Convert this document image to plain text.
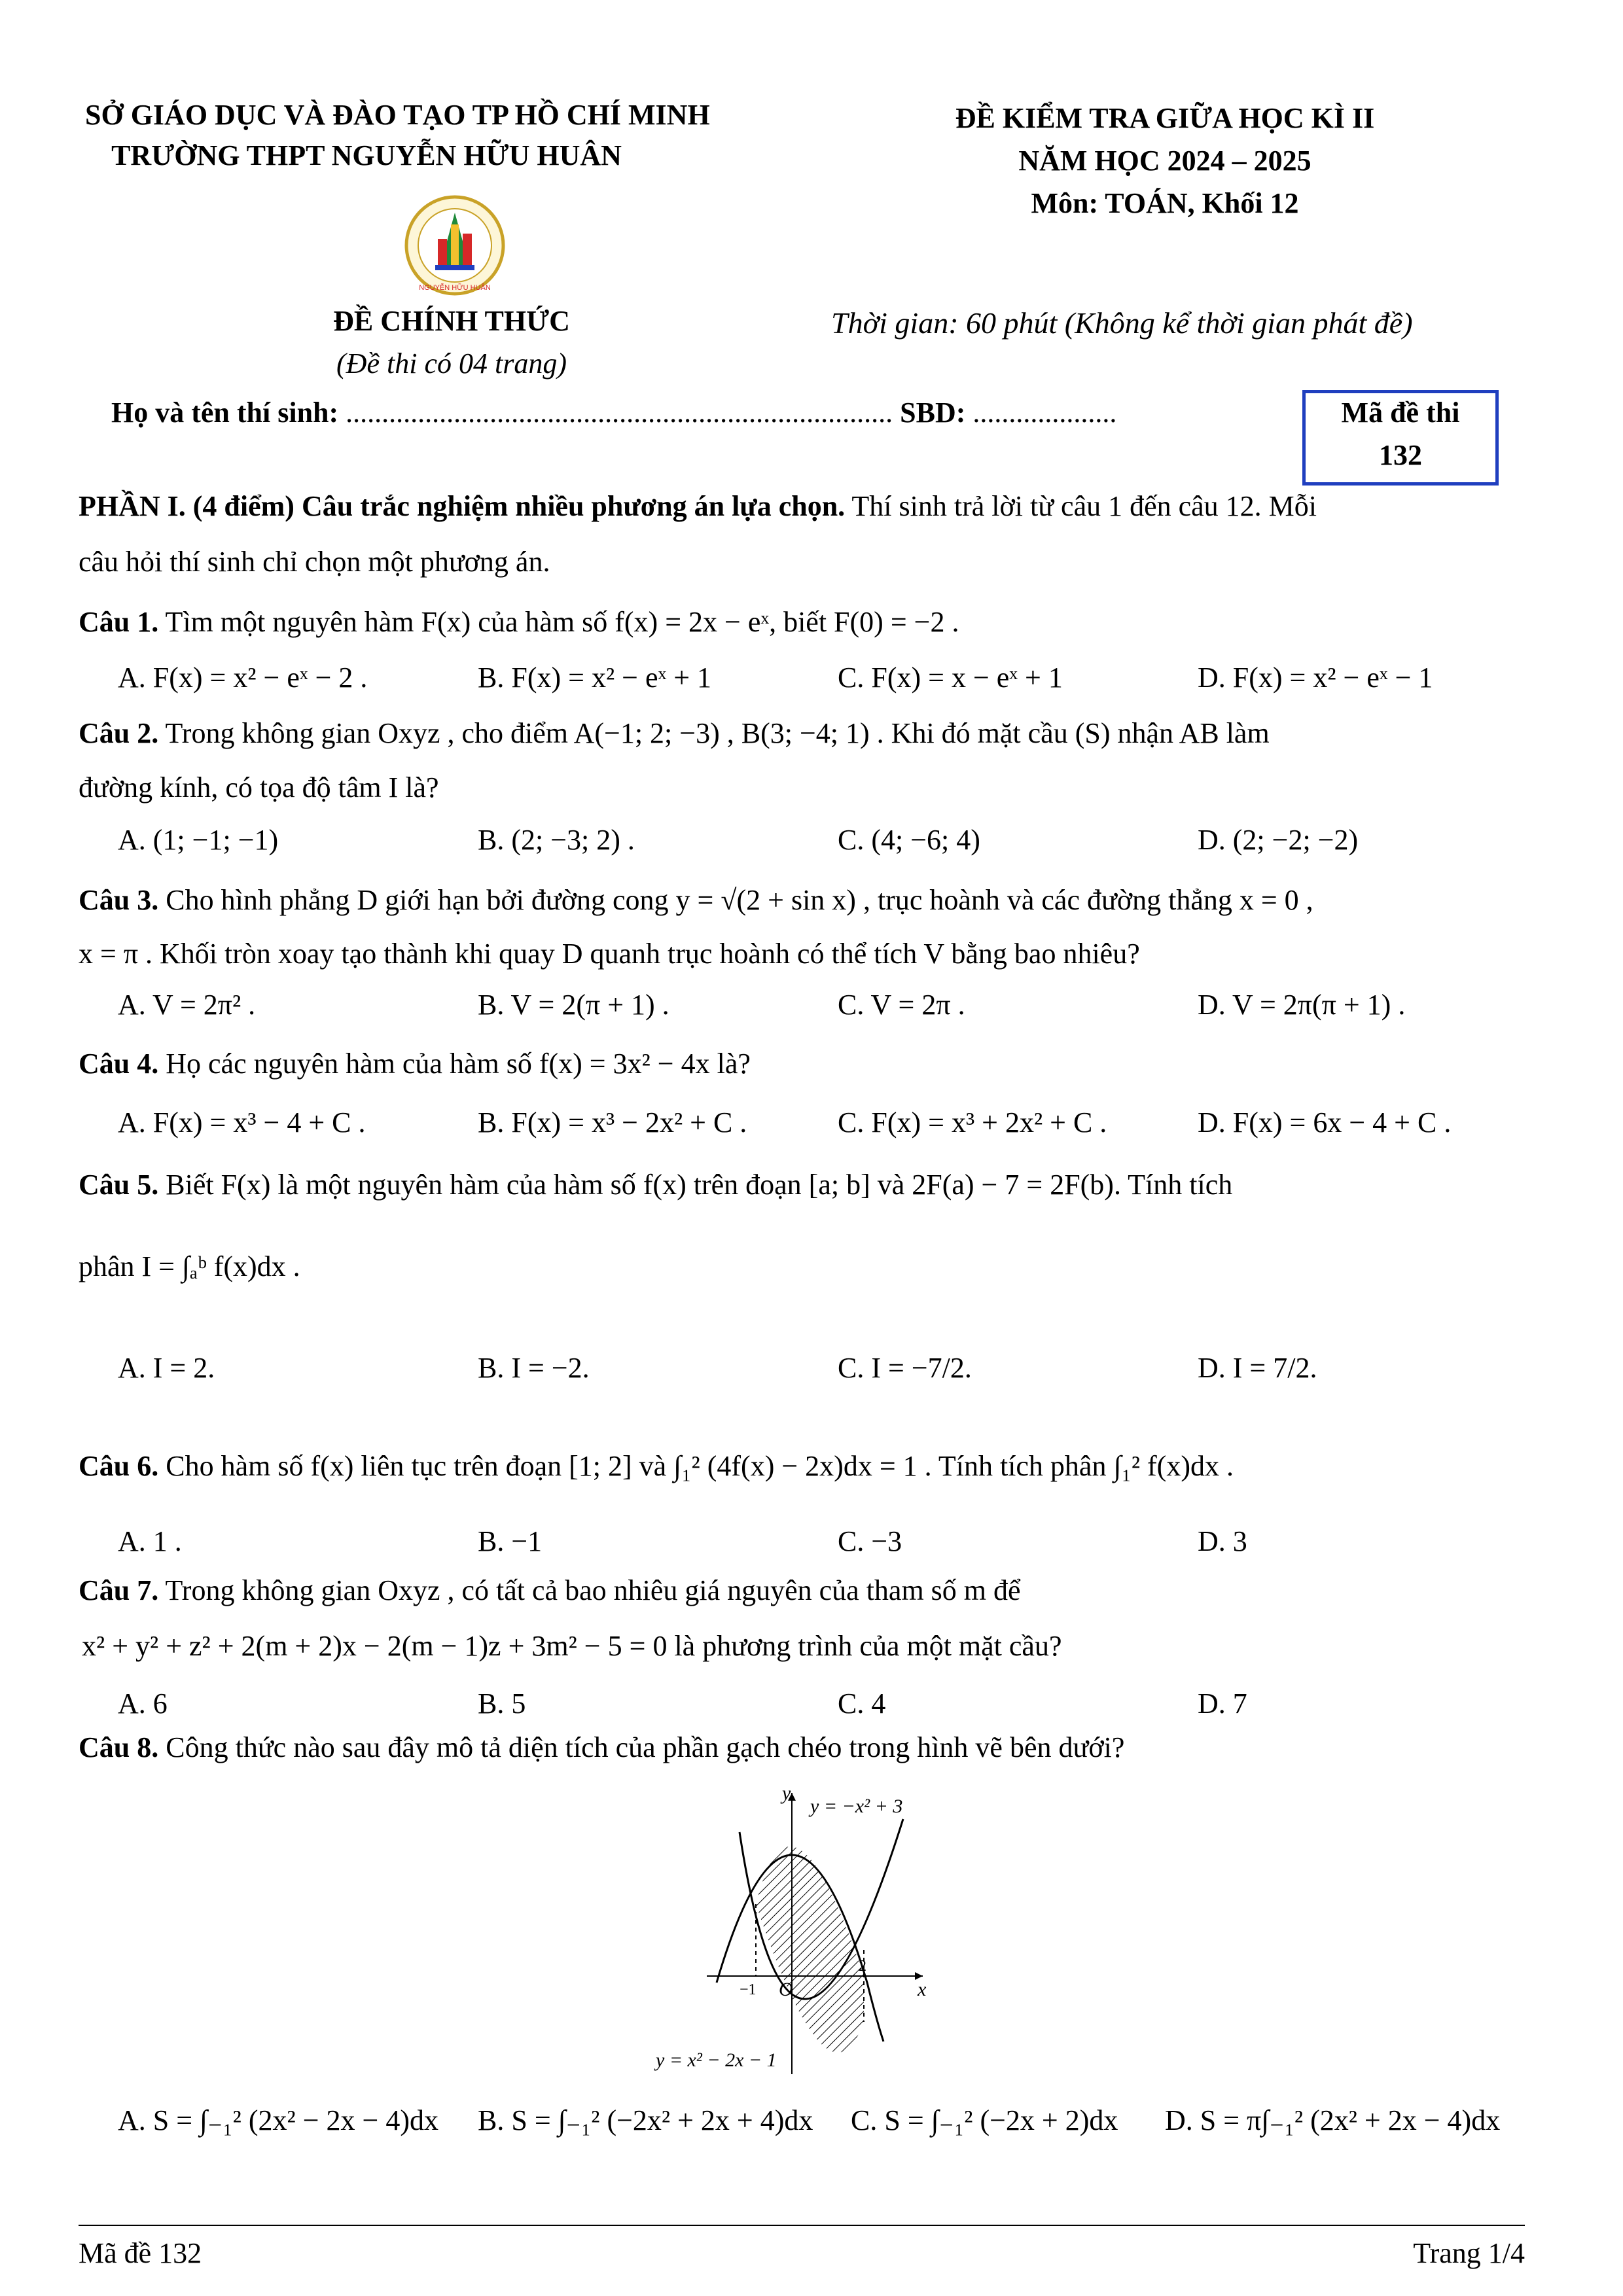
SỞ GIÁO DỤC VÀ ĐÀO TẠO TP HỒ CHÍ MINH
TRƯỜNG THPT NGUYỄN HỮU HUÂN
ĐỀ KIỂM TRA GIỮA HỌC KÌ II
NĂM HỌC 2024 – 2025
Môn: TOÁN, Khối 12
NGUYỄN HỮU HUÂN
ĐỀ CHÍNH THỨC
(Đề thi có 04 trang)
Thời gian: 60 phút (Không kể thời gian phát đề)
Họ và tên thí sinh: ............................................................................ SBD: ....................	Mã đề thi
132
PHẦN I. (4 điểm) Câu trắc nghiệm nhiều phương án lựa chọn. Thí sinh trả lời từ câu 1 đến câu 12. Mỗi
câu hỏi thí sinh chỉ chọn một phương án.
Câu 1. Tìm một nguyên hàm F(x) của hàm số f(x) = 2x − eˣ, biết F(0) = −2 .
A. F(x) = x² − eˣ − 2 .	B. F(x) = x² − eˣ + 1	C. F(x) = x − eˣ + 1	D. F(x) = x² − eˣ − 1
Câu 2. Trong không gian Oxyz , cho điểm A(−1; 2; −3) , B(3; −4; 1) . Khi đó mặt cầu (S) nhận AB làm
đường kính, có tọa độ tâm I là?
A. (1; −1; −1)	B. (2; −3; 2) .	C. (4; −6; 4)	D. (2; −2; −2)
Câu 3. Cho hình phẳng D giới hạn bởi đường cong y = √(2 + sin x) , trục hoành và các đường thẳng x = 0 ,
x = π . Khối tròn xoay tạo thành khi quay D quanh trục hoành có thể tích V bằng bao nhiêu?
A. V = 2π² .	B. V = 2(π + 1) .	C. V = 2π .	D. V = 2π(π + 1) .
Câu 4. Họ các nguyên hàm của hàm số f(x) = 3x² − 4x là?
A. F(x) = x³ − 4 + C .	B. F(x) = x³ − 2x² + C .	C. F(x) = x³ + 2x² + C .	D. F(x) = 6x − 4 + C .
Câu 5. Biết F(x) là một nguyên hàm của hàm số f(x) trên đoạn [a; b] và 2F(a) − 7 = 2F(b). Tính tích
phân I = ∫ₐᵇ f(x)dx .
A. I = 2.	B. I = −2.	C. I = −7/2.	D. I = 7/2.
Câu 6. Cho hàm số f(x) liên tục trên đoạn [1; 2] và ∫₁² (4f(x) − 2x)dx = 1 . Tính tích phân ∫₁² f(x)dx .
A. 1 .	B. −1	C. −3	D. 3
Câu 7. Trong không gian Oxyz , có tất cả bao nhiêu giá nguyên của tham số m để
x² + y² + z² + 2(m + 2)x − 2(m − 1)z + 3m² − 5 = 0 là phương trình của một mặt cầu?
A. 6	B. 5	C. 4	D. 7
Câu 8. Công thức nào sau đây mô tả diện tích của phần gạch chéo trong hình vẽ bên dưới?
y
x
O
−1
2
y = −x² + 3
y = x² − 2x − 1
A. S = ∫₋₁² (2x² − 2x − 4)dx B. S = ∫₋₁² (−2x² + 2x + 4)dx C. S = ∫₋₁² (−2x + 2)dx D. S = π∫₋₁² (2x² + 2x − 4)dx
Mã đề 132	Trang 1/4
